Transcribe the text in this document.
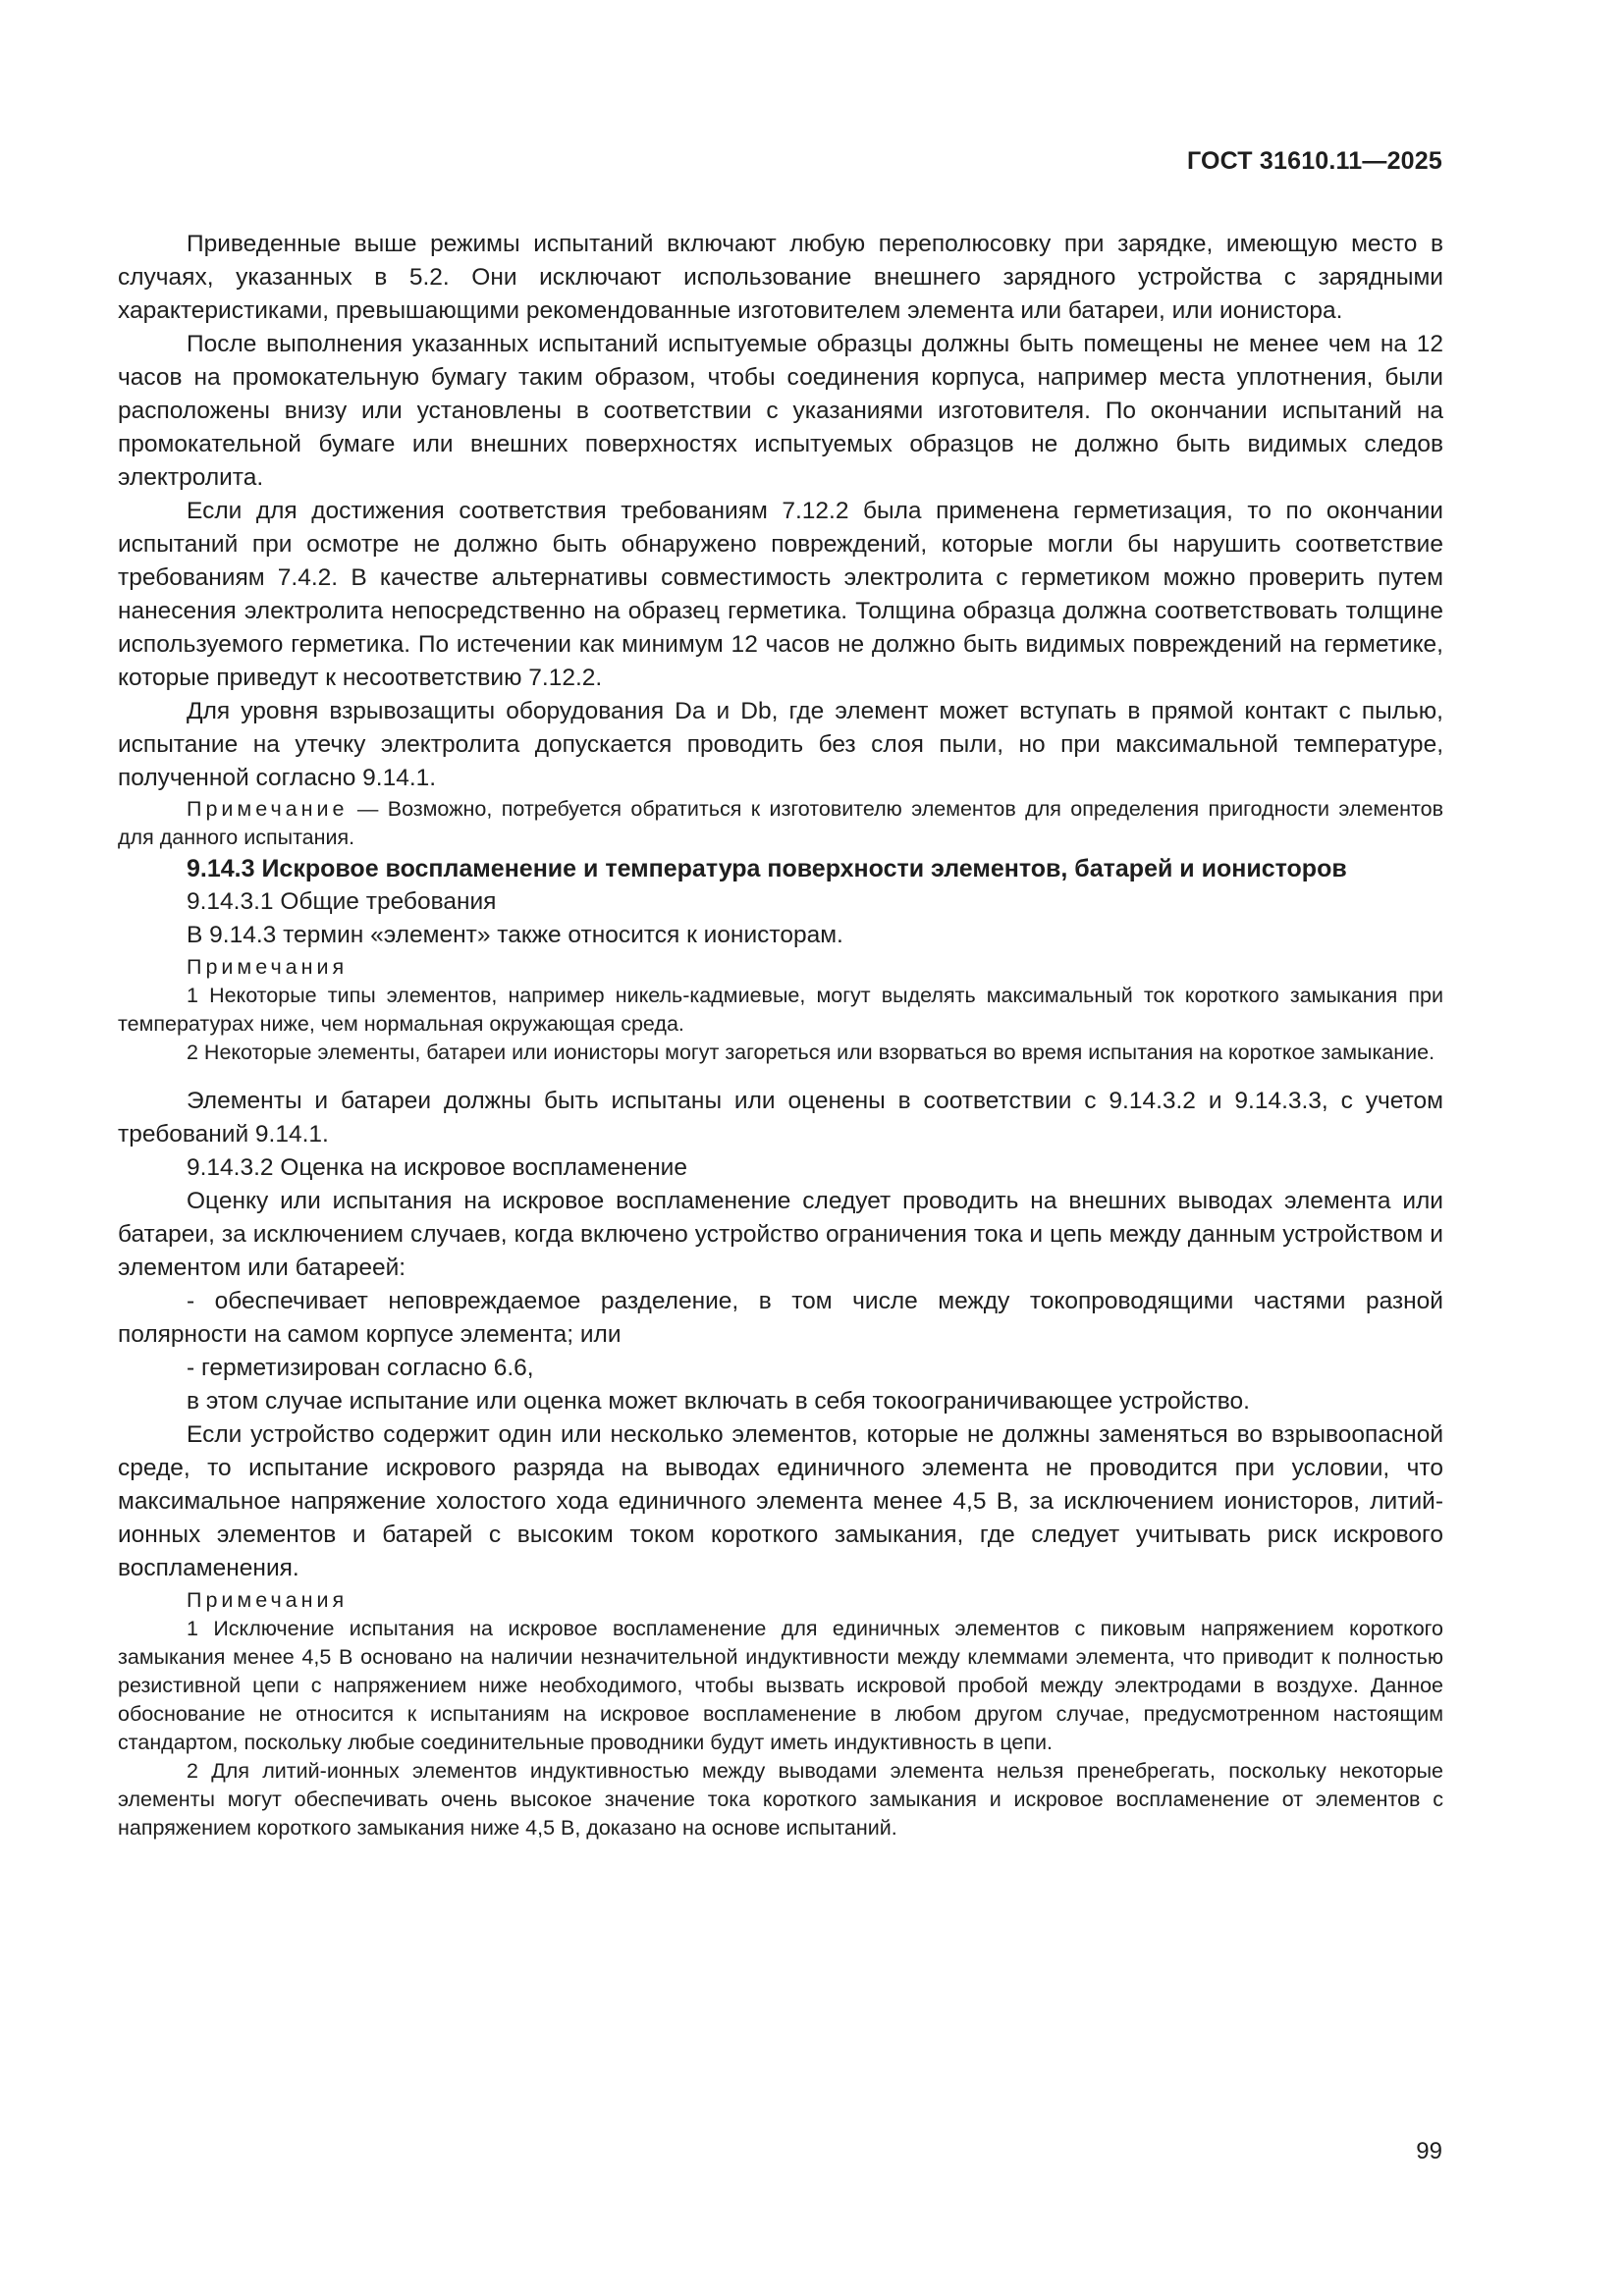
ГОСТ 31610.11—2025

Приведенные выше режимы испытаний включают любую переполюсовку при зарядке, имеющую место в случаях, указанных в 5.2. Они исключают использование внешнего зарядного устройства с зарядными характеристиками, превышающими рекомендованные изготовителем элемента или батареи, или ионистора.

После выполнения указанных испытаний испытуемые образцы должны быть помещены не менее чем на 12 часов на промокательную бумагу таким образом, чтобы соединения корпуса, например места уплотнения, были расположены внизу или установлены в соответствии с указаниями изготовителя. По окончании испытаний на промокательной бумаге или внешних поверхностях испытуемых образцов не должно быть видимых следов электролита.

Если для достижения соответствия требованиям 7.12.2 была применена герметизация, то по окончании испытаний при осмотре не должно быть обнаружено повреждений, которые могли бы нарушить соответствие требованиям 7.4.2. В качестве альтернативы совместимость электролита с герметиком можно проверить путем нанесения электролита непосредственно на образец герметика. Толщина образца должна соответствовать толщине используемого герметика. По истечении как минимум 12 часов не должно быть видимых повреждений на герметике, которые приведут к несоответствию 7.12.2.

Для уровня взрывозащиты оборудования Da и Db, где элемент может вступать в прямой контакт с пылью, испытание на утечку электролита допускается проводить без слоя пыли, но при максимальной температуре, полученной согласно 9.14.1.

Примечание — Возможно, потребуется обратиться к изготовителю элементов для определения пригодности элементов для данного испытания.

9.14.3 Искровое воспламенение и температура поверхности элементов, батарей и ионисторов

9.14.3.1 Общие требования

В 9.14.3 термин «элемент» также относится к ионисторам.

Примечания

1 Некоторые типы элементов, например никель-кадмиевые, могут выделять максимальный ток короткого замыкания при температурах ниже, чем нормальная окружающая среда.

2 Некоторые элементы, батареи или ионисторы могут загореться или взорваться во время испытания на короткое замыкание.

Элементы и батареи должны быть испытаны или оценены в соответствии с 9.14.3.2 и 9.14.3.3, с учетом требований 9.14.1.

9.14.3.2 Оценка на искровое воспламенение

Оценку или испытания на искровое воспламенение следует проводить на внешних выводах элемента или батареи, за исключением случаев, когда включено устройство ограничения тока и цепь между данным устройством и элементом или батареей:

- обеспечивает неповреждаемое разделение, в том числе между токопроводящими частями разной полярности на самом корпусе элемента; или

- герметизирован согласно 6.6,

в этом случае испытание или оценка может включать в себя токоограничивающее устройство.

Если устройство содержит один или несколько элементов, которые не должны заменяться во взрывоопасной среде, то испытание искрового разряда на выводах единичного элемента не проводится при условии, что максимальное напряжение холостого хода единичного элемента менее 4,5 В, за исключением ионисторов, литий-ионных элементов и батарей с высоким током короткого замыкания, где следует учитывать риск искрового воспламенения.

Примечания

1 Исключение испытания на искровое воспламенение для единичных элементов с пиковым напряжением короткого замыкания менее 4,5 В основано на наличии незначительной индуктивности между клеммами элемента, что приводит к полностью резистивной цепи с напряжением ниже необходимого, чтобы вызвать искровой пробой между электродами в воздухе. Данное обоснование не относится к испытаниям на искровое воспламенение в любом другом случае, предусмотренном настоящим стандартом, поскольку любые соединительные проводники будут иметь индуктивность в цепи.

2 Для литий-ионных элементов индуктивностью между выводами элемента нельзя пренебрегать, поскольку некоторые элементы могут обеспечивать очень высокое значение тока короткого замыкания и искровое воспламенение от элементов с напряжением короткого замыкания ниже 4,5 В, доказано на основе испытаний.

99
